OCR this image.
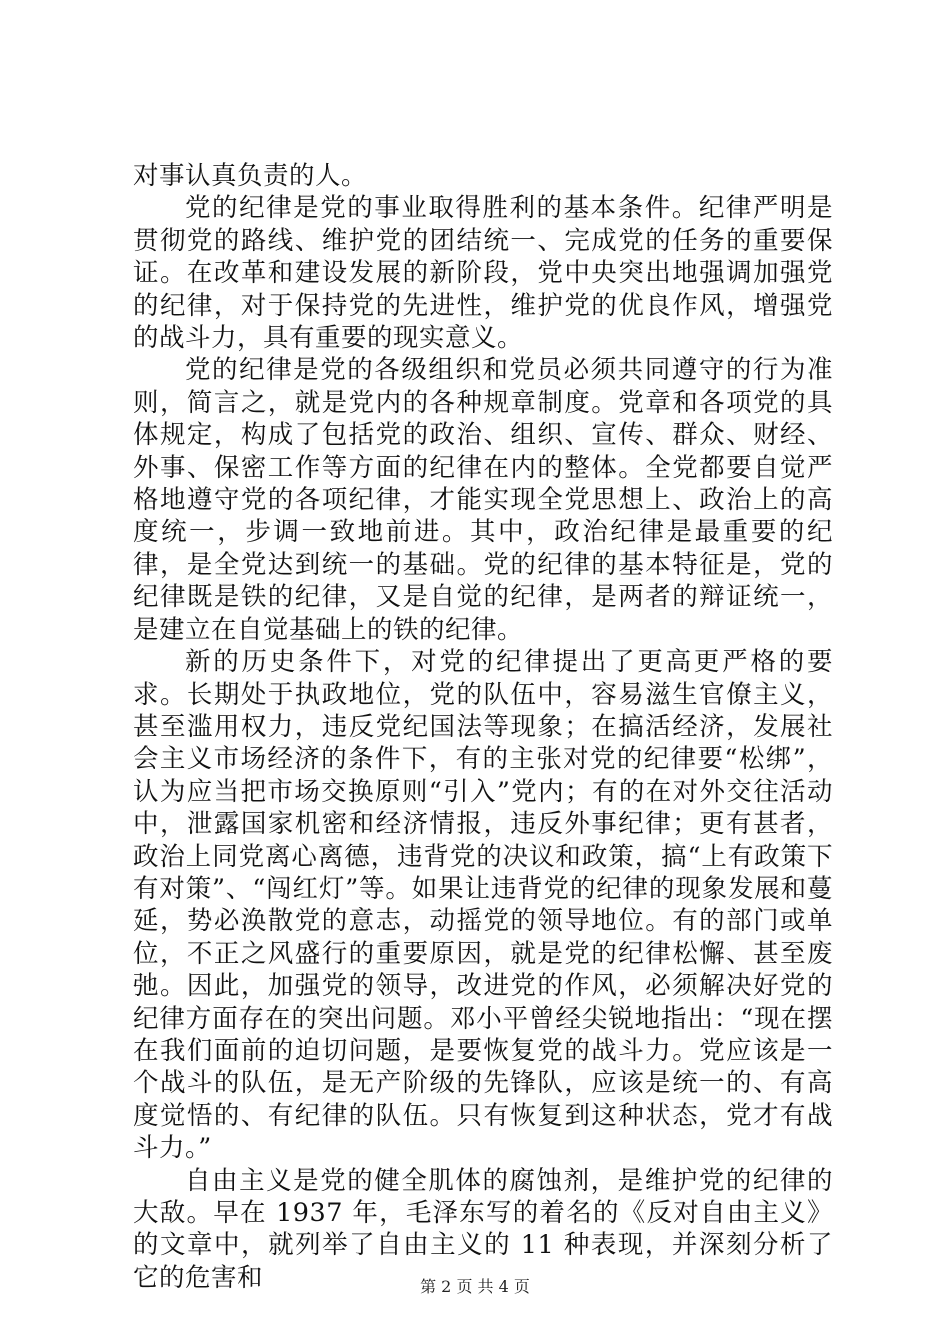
对事认真负责的人。

党的纪律是党的事业取得胜利的基本条件。纪律严明是贯彻党的路线、维护党的团结统一、完成党的任务的重要保证。在改革和建设发展的新阶段，党中央突出地强调加强党的纪律，对于保持党的先进性，维护党的优良作风，增强党的战斗力，具有重要的现实意义。

党的纪律是党的各级组织和党员必须共同遵守的行为准则，简言之，就是党内的各种规章制度。党章和各项党的具体规定，构成了包括党的政治、组织、宣传、群众、财经、外事、保密工作等方面的纪律在内的整体。全党都要自觉严格地遵守党的各项纪律，才能实现全党思想上、政治上的高度统一，步调一致地前进。其中，政治纪律是最重要的纪律，是全党达到统一的基础。党的纪律的基本特征是，党的纪律既是铁的纪律，又是自觉的纪律，是两者的辩证统一，是建立在自觉基础上的铁的纪律。

新的历史条件下，对党的纪律提出了更高更严格的要求。长期处于执政地位，党的队伍中，容易滋生官僚主义，甚至滥用权力，违反党纪国法等现象；在搞活经济，发展社会主义市场经济的条件下，有的主张对党的纪律要“松绑”，认为应当把市场交换原则“引入”党内；有的在对外交往活动中，泄露国家机密和经济情报，违反外事纪律；更有甚者，政治上同党离心离德，违背党的决议和政策，搞“上有政策下有对策”、“闯红灯”等。如果让违背党的纪律的现象发展和蔓延，势必涣散党的意志，动摇党的领导地位。有的部门或单位，不正之风盛行的重要原因，就是党的纪律松懈、甚至废弛。因此，加强党的领导，改进党的作风，必须解决好党的纪律方面存在的突出问题。邓小平曾经尖锐地指出：“现在摆在我们面前的迫切问题，是要恢复党的战斗力。党应该是一个战斗的队伍，是无产阶级的先锋队，应该是统一的、有高度觉悟的、有纪律的队伍。只有恢复到这种状态，党才有战斗力。”

自由主义是党的健全肌体的腐蚀剂，是维护党的纪律的大敌。早在 1937 年，毛泽东写的着名的《反对自由主义》的文章中，就列举了自由主义的 11 种表现，并深刻分析了它的危害和	第 2 页 共 4 页
